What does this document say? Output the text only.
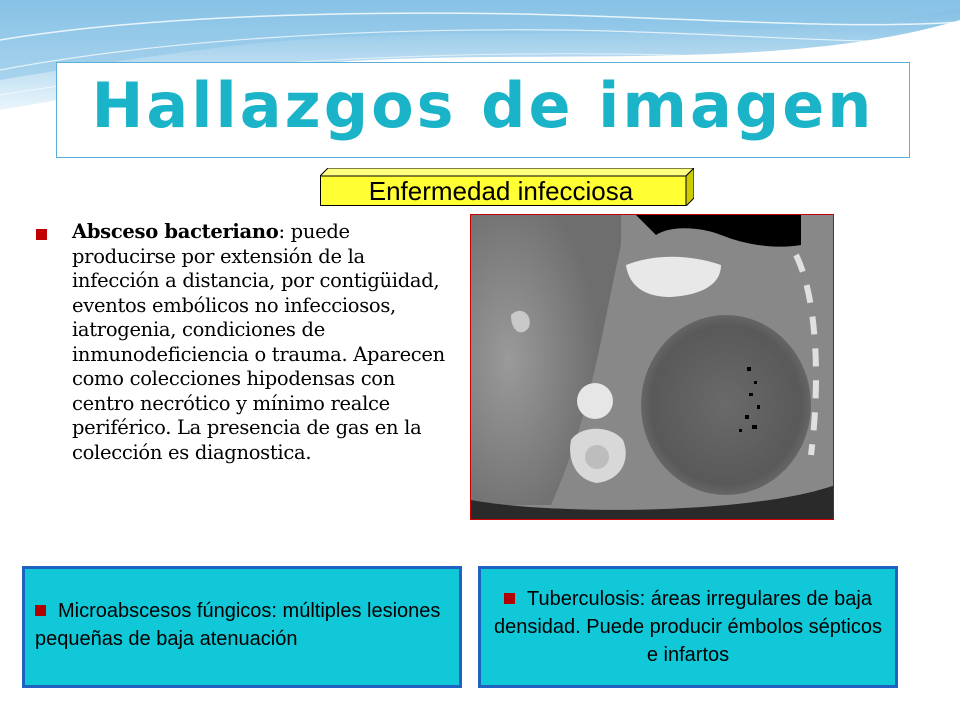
Hallazgos de imagen
Enfermedad infecciosa
Absceso bacteriano: puede producirse por extensión de la infección a distancia, por contigüidad, eventos embólicos no infecciosos, iatrogenia, condiciones de inmunodeficiencia o trauma. Aparecen como colecciones hipodensas con centro necrótico y mínimo realce periférico. La presencia de gas en la colección es diagnostica.
Microabscesos fúngicos: múltiples lesiones pequeñas de baja atenuación
Tuberculosis: áreas irregulares de baja densidad. Puede producir émbolos sépticos e infartos
